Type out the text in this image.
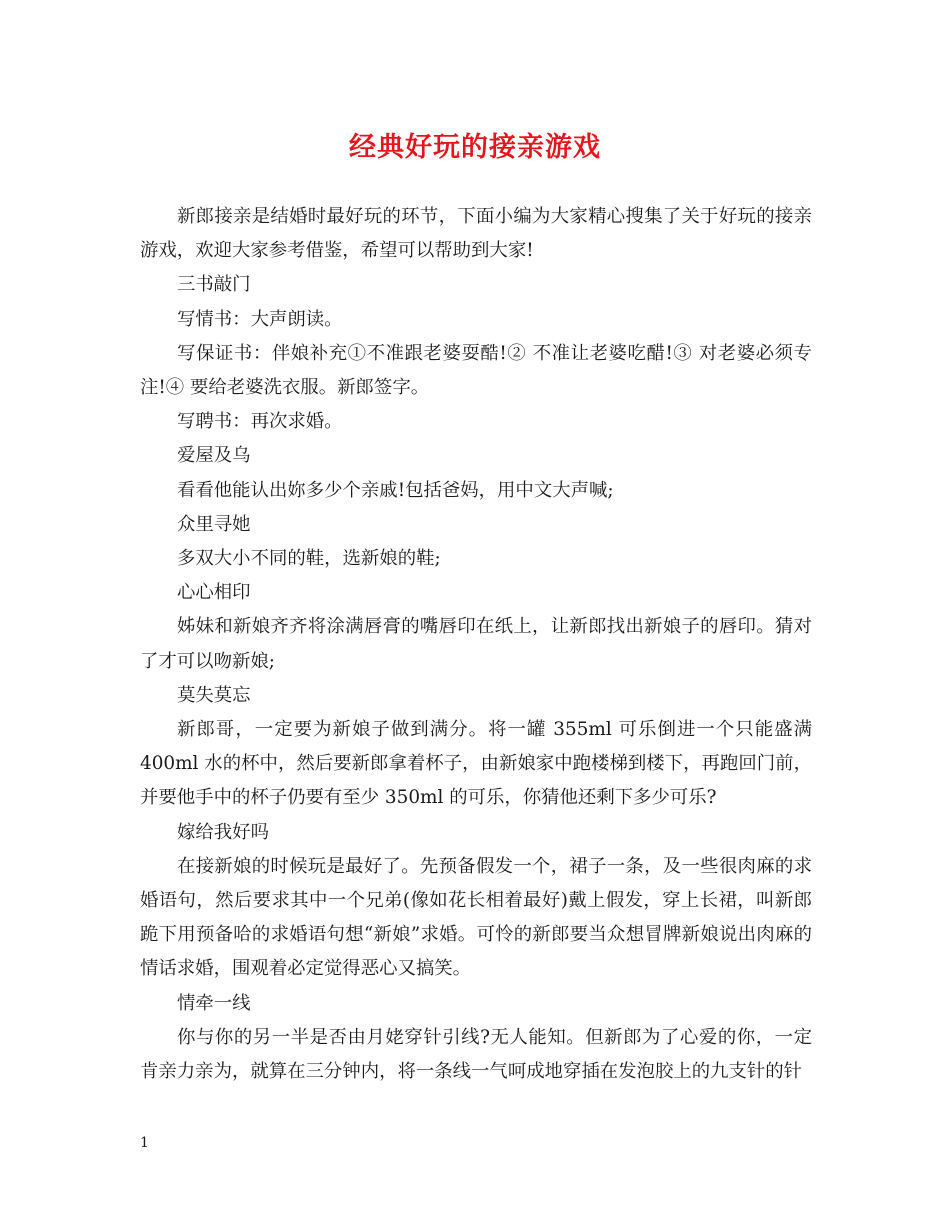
经典好玩的接亲游戏

新郎接亲是结婚时最好玩的环节，下面小编为大家精心搜集了关于好玩的接亲游戏，欢迎大家参考借鉴，希望可以帮助到大家!

三书敲门

写情书：大声朗读。

写保证书：伴娘补充①不准跟老婆耍酷!② 不准让老婆吃醋!③ 对老婆必须专注!④ 要给老婆洗衣服。新郎签字。

写聘书：再次求婚。

爱屋及乌

看看他能认出妳多少个亲戚!包括爸妈，用中文大声喊;

众里寻她

多双大小不同的鞋，选新娘的鞋;

心心相印

姊妹和新娘齐齐将涂满唇膏的嘴唇印在纸上，让新郎找出新娘子的唇印。猜对了才可以吻新娘;

莫失莫忘

新郎哥，一定要为新娘子做到满分。将一罐 355ml 可乐倒进一个只能盛满 400ml 水的杯中，然后要新郎拿着杯子，由新娘家中跑楼梯到楼下，再跑回门前，并要他手中的杯子仍要有至少 350ml 的可乐，你猜他还剩下多少可乐?

嫁给我好吗

在接新娘的时候玩是最好了。先预备假发一个，裙子一条，及一些很肉麻的求婚语句，然后要求其中一个兄弟(像如花长相着最好)戴上假发，穿上长裙，叫新郎跪下用预备哈的求婚语句想“新娘”求婚。可怜的新郎要当众想冒牌新娘说出肉麻的情话求婚，围观着必定觉得恶心又搞笑。

情牵一线

你与你的另一半是否由月姥穿针引线?无人能知。但新郎为了心爱的你，一定肯亲力亲为，就算在三分钟内，将一条线一气呵成地穿插在发泡胶上的九支针的针

1
